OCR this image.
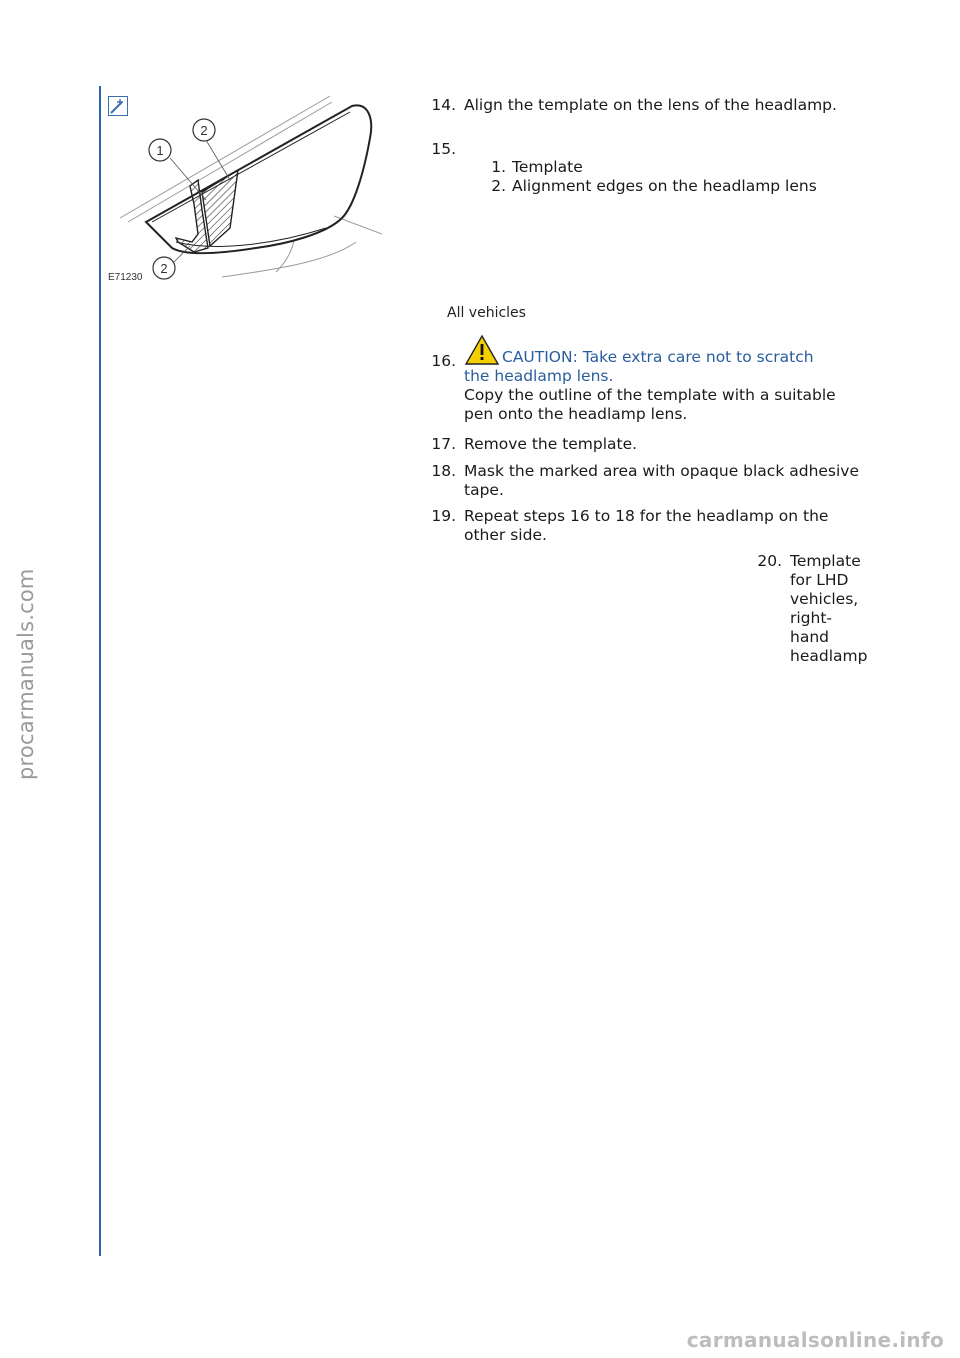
procarmanuals.com
1
2
2
E71230
14. Align the template on the lens of the headlamp.
15.
1. Template
2. Alignment edges on the headlamp lens
16.	CAUTION: Take extra care not to scratch
the headlamp lens.
Copy the outline of the template with a suitable
pen onto the headlamp lens.
17. Remove the template.
18. Mask the marked area with opaque black adhesive
tape.
19. Repeat steps 16 to 18 for the headlamp on the
other side.
20. Template
for LHD
vehicles,
right-
hand
headlamp
All vehicles
carmanualsonline.info
